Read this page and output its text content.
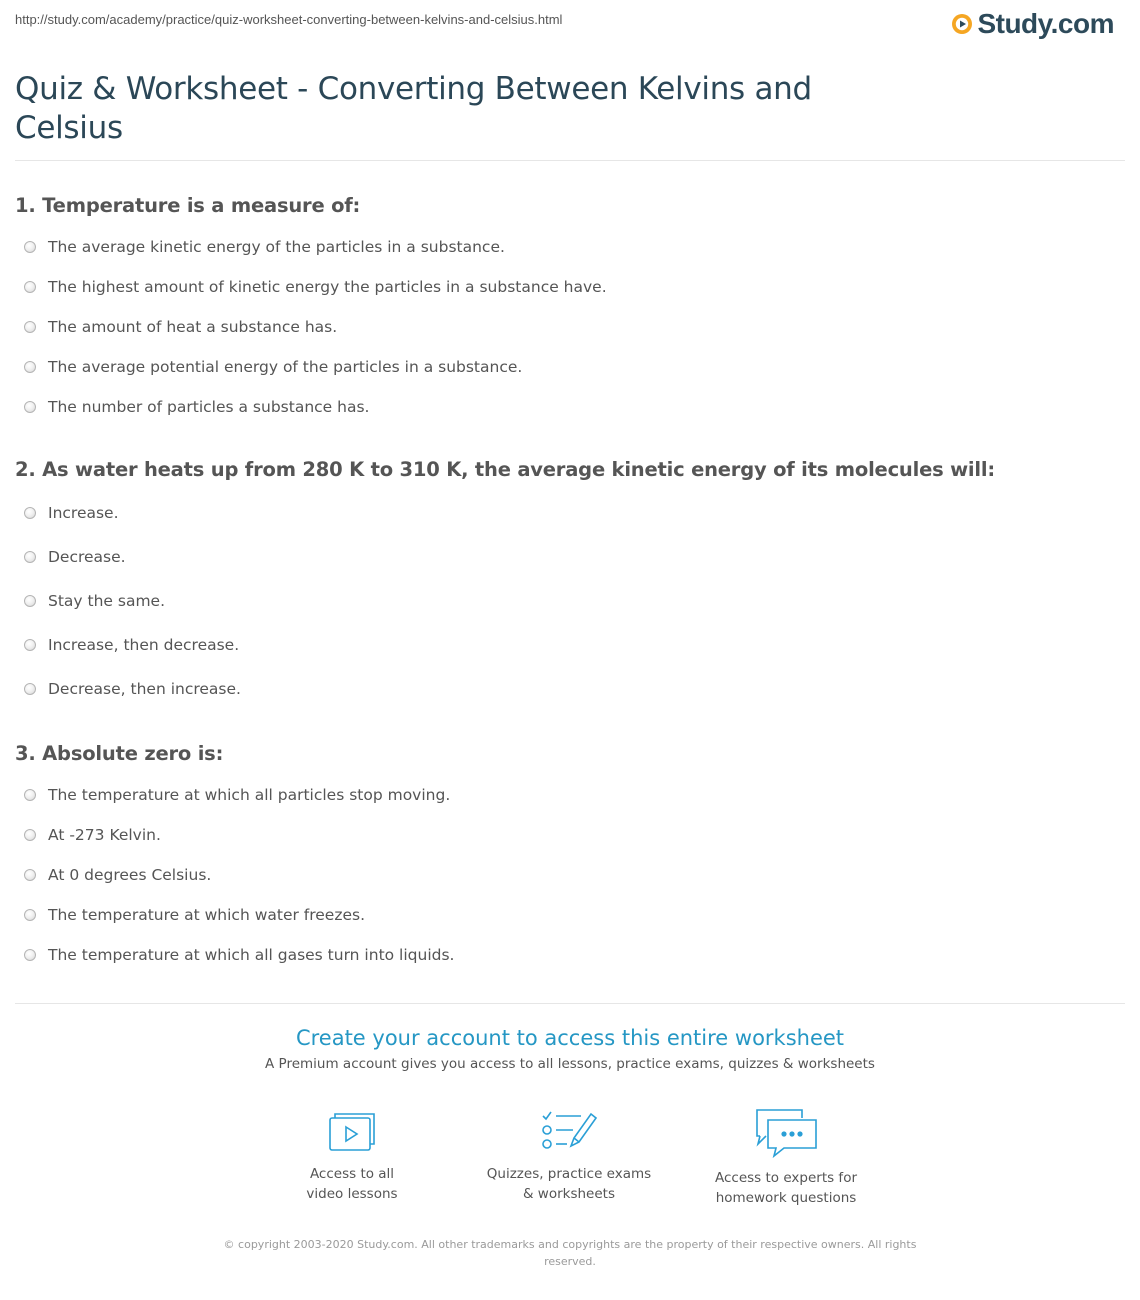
http://study.com/academy/practice/quiz-worksheet-converting-between-kelvins-and-celsius.html	Study.com
Quiz & Worksheet - Converting Between Kelvins and Celsius

1. Temperature is a measure of:

The average kinetic energy of the particles in a substance.
The highest amount of kinetic energy the particles in a substance have.
The amount of heat a substance has.
The average potential energy of the particles in a substance.
The number of particles a substance has.

2. As water heats up from 280 K to 310 K, the average kinetic energy of its molecules will:

Increase.
Decrease.
Stay the same.
Increase, then decrease.
Decrease, then increase.

3. Absolute zero is:

The temperature at which all particles stop moving.
At -273 Kelvin.
At 0 degrees Celsius.
The temperature at which water freezes.
The temperature at which all gases turn into liquids.
Create your account to access this entire worksheet
A Premium account gives you access to all lessons, practice exams, quizzes & worksheets
Access to all
video lessons
Quizzes, practice exams
& worksheets
Access to experts for
homework questions
© copyright 2003-2020 Study.com. All other trademarks and copyrights are the property of their respective owners. All rights reserved.
